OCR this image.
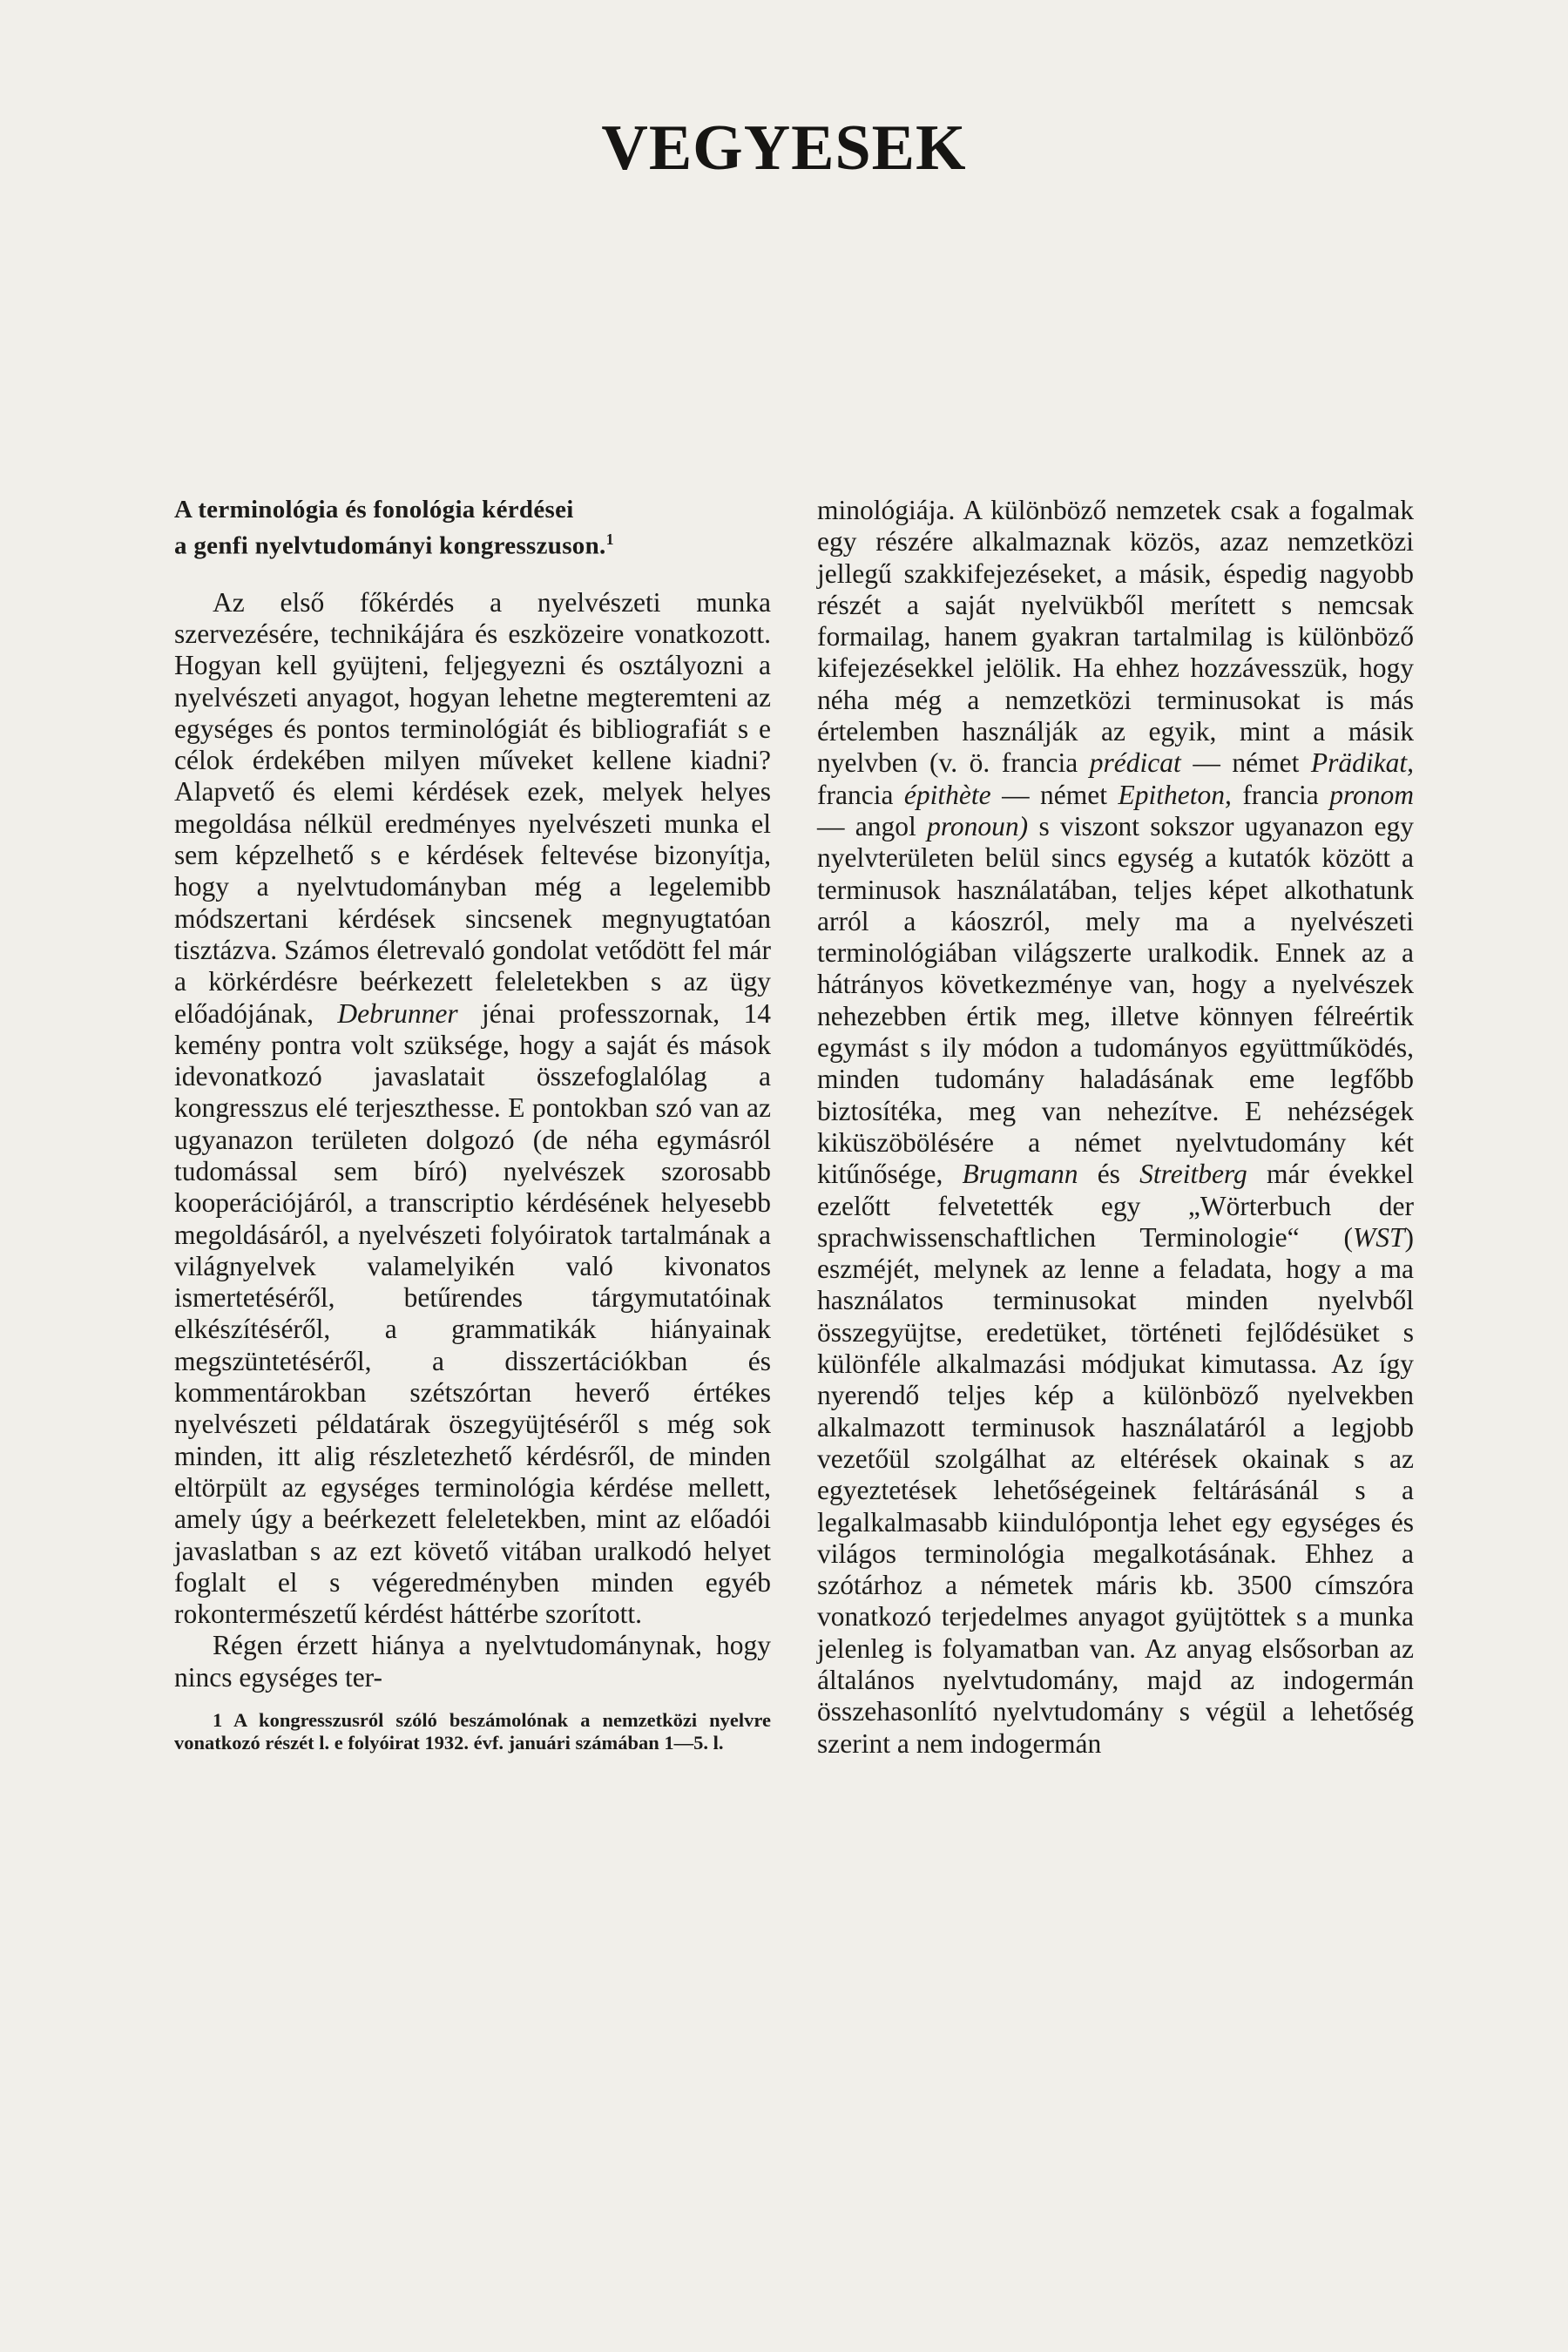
VEGYESEK
A terminológia és fonológia kérdései
a genfi nyelvtudományi kongresszuson.$^1$

Az első főkérdés a nyelvészeti munka szervezésére, technikájára és eszközeire vonatkozott. Hogyan kell gyüjteni, feljegyezni és osztályozni a nyelvészeti anyagot, hogyan lehetne megteremteni az egységes és pontos terminológiát és bibliografiát s e célok érdekében milyen műveket kellene kiadni? Alapvető és elemi kérdések ezek, melyek helyes megoldása nélkül eredményes nyelvészeti munka el sem képzelhető s e kérdések feltevése bizonyítja, hogy a nyelvtudományban még a legelemibb módszertani kérdések sincsenek megnyugtatóan tisztázva. Számos életrevaló gondolat vetődött fel már a körkérdésre beérkezett feleletekben s az ügy előadójának, Debrunner jénai professzornak, 14 kemény pontra volt szüksége, hogy a saját és mások idevonatkozó javaslatait összefoglalólag a kongresszus elé terjeszthesse. E pontokban szó van az ugyanazon területen dolgozó (de néha egymásról tudomással sem bíró) nyelvészek szorosabb kooperációjáról, a transcriptio kérdésének helyesebb megoldásáról, a nyelvészeti folyóiratok tartalmának a világnyelvek valamelyikén való kivonatos ismertetéséről, betűrendes tárgymutatóinak elkészítéséről, a grammatikák hiányainak megszüntetéséről, a disszertációkban és kommentárokban szétszórtan heverő értékes nyelvészeti példatárak öszegyüjtéséről s még sok minden, itt alig részletezhető kérdésről, de minden eltörpült az egységes terminológia kérdése mellett, amely úgy a beérkezett feleletekben, mint az előadói javaslatban s az ezt követő vitában uralkodó helyet foglalt el s végeredményben minden egyéb rokontermészetű kérdést háttérbe szorított.

Régen érzett hiánya a nyelvtudománynak, hogy nincs egységes ter-

1 A kongresszusról szóló beszámolónak a nemzetközi nyelvre vonatkozó részét l. e folyóirat 1932. évf. januári számában 1—5. l.

minológiája. A különböző nemzetek csak a fogalmak egy részére alkalmaznak közös, azaz nemzetközi jellegű szakkifejezéseket, a másik, éspedig nagyobb részét a saját nyelvükből merített s nemcsak formailag, hanem gyakran tartalmilag is különböző kifejezésekkel jelölik. Ha ehhez hozzávesszük, hogy néha még a nemzetközi terminusokat is más értelemben használják az egyik, mint a másik nyelvben (v. ö. francia prédicat — német Prädikat, francia épithète — német Epitheton, francia pronom — angol pronoun) s viszont sokszor ugyanazon egy nyelvterületen belül sincs egység a kutatók között a terminusok használatában, teljes képet alkothatunk arról a káoszról, mely ma a nyelvészeti terminológiában világszerte uralkodik. Ennek az a hátrányos következménye van, hogy a nyelvészek nehezebben értik meg, illetve könnyen félreértik egymást s ily módon a tudományos együttműködés, minden tudomány haladásának eme legfőbb biztosítéka, meg van nehezítve. E nehézségek kiküszöbölésére a német nyelvtudomány két kitűnősége, Brugmann és Streitberg már évekkel ezelőtt felvetették egy „Wörterbuch der sprachwissenschaftlichen Terminologie“ (WST) eszméjét, melynek az lenne a feladata, hogy a ma használatos terminusokat minden nyelvből összegyüjtse, eredetüket, történeti fejlődésüket s különféle alkalmazási módjukat kimutassa. Az így nyerendő teljes kép a különböző nyelvekben alkalmazott terminusok használatáról a legjobb vezetőül szolgálhat az eltérések okainak s az egyeztetések lehetőségeinek feltárásánál s a legalkalmasabb kiindulópontja lehet egy egységes és világos terminológia megalkotásának. Ehhez a szótárhoz a németek máris kb. 3500 címszóra vonatkozó terjedelmes anyagot gyüjtöttek s a munka jelenleg is folyamatban van. Az anyag elsősorban az általános nyelvtudomány, majd az indogermán összehasonlító nyelvtudomány s végül a lehetőség szerint a nem indogermán
